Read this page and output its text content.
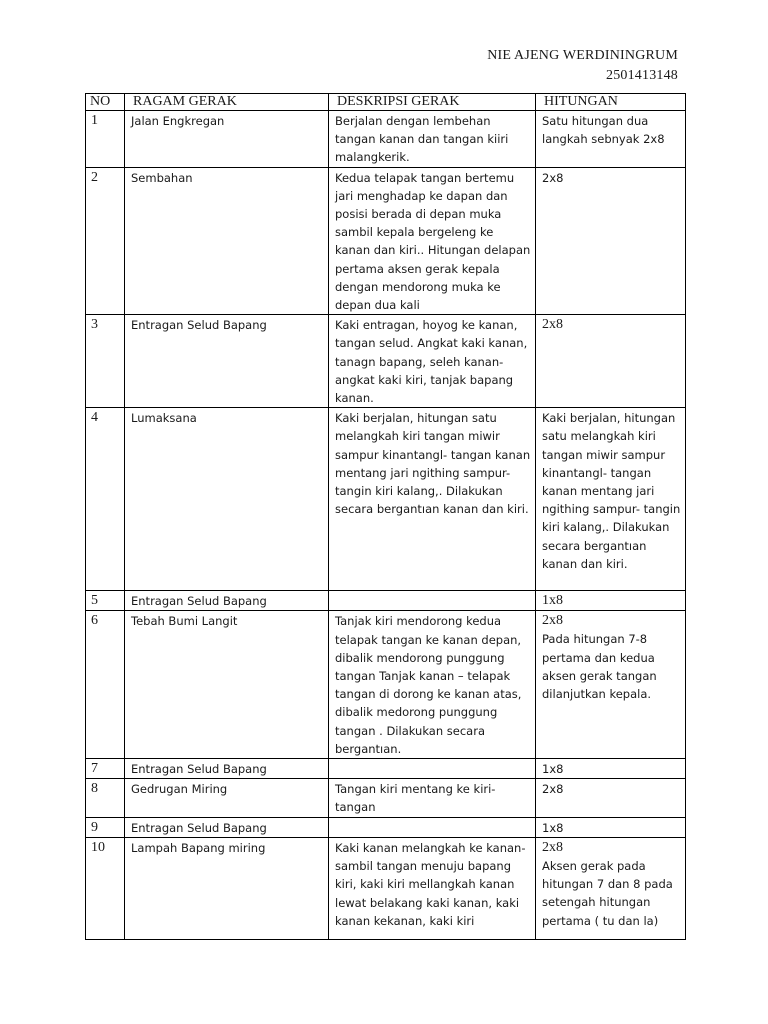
NIE AJENG WERDININGRUM
2501413148
NO	RAGAM GERAK	DESKRIPSI GERAK	HITUNGAN
1	Jalan Engkregan	Berjalan dengan lembehan tangan kanan dan tangan kiiri malangkerik.	Satu hitungan dua langkah sebnyak 2x8

2	Sembahan	Kedua telapak tangan bertemu jari menghadap ke dapan dan posisi berada di depan muka sambil kepala bergeleng ke kanan dan kiri.. Hitungan delapan pertama aksen gerak kepala dengan mendorong muka ke depan dua kali	2x8

3	Entragan Selud Bapang	Kaki entragan, hoyog ke kanan, tangan selud. Angkat kaki kanan, tanagn bapang, seleh kanan- angkat kaki kiri, tanjak bapang kanan.	2x8

4	Lumaksana	Kaki berjalan, hitungan satu melangkah kiri tangan miwir sampur kinantangl- tangan kanan mentang jari ngithing sampur- tangin kiri kalang,. Dilakukan secara bergantıan kanan dan kiri.	Kaki berjalan, hitungan satu melangkah kiri tangan miwir sampur kinantangl- tangan kanan mentang jari ngithing sampur- tangin kiri kalang,. Dilakukan secara bergantıan kanan dan kiri.

5	Entragan Selud Bapang		1x8

6	Tebah Bumi Langit	Tanjak kiri mendorong kedua telapak tangan ke kanan depan, dibalik mendorong punggung tangan Tanjak kanan – telapak tangan di dorong ke kanan atas, dibalik medorong punggung tangan . Dilakukan secara bergantıan.	2x8
Pada hitungan 7-8 pertama dan kedua aksen gerak tangan dilanjutkan kepala.

7	Entragan Selud Bapang		1x8

8	Gedrugan Miring	Tangan kiri mentang ke kiri- tangan	2x8

9	Entragan Selud Bapang		1x8

10	Lampah Bapang miring	Kaki kanan melangkah ke kanan- sambil tangan menuju bapang kiri, kaki kiri mellangkah kanan lewat belakang kaki kanan, kaki kanan kekanan, kaki kiri	2x8
Aksen gerak pada hitungan 7 dan 8 pada setengah hitungan pertama ( tu dan la)
